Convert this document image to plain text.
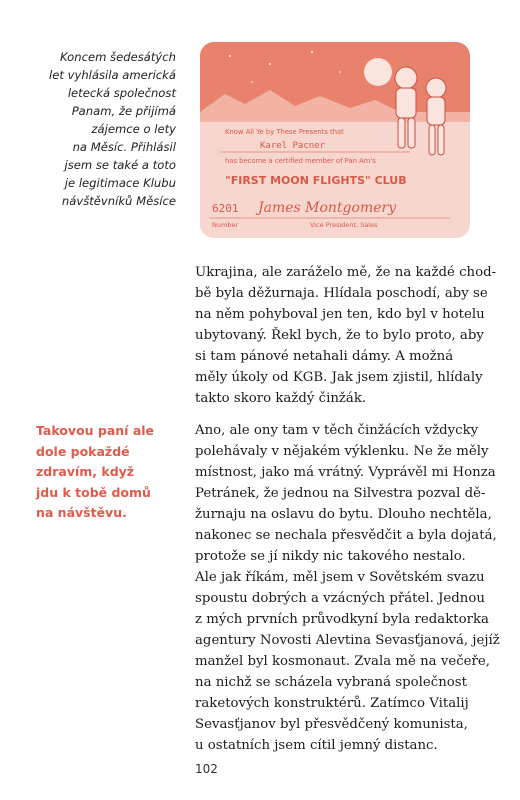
Koncem šedesátých
let vyhlásila americká
letecká společnost
Panam, že přijímá
zájemce o lety
na Měsíc. Přihlásil
jsem se také a toto
je legitimace Klubu
návštěvníků Měsíce
Know All Ye by These Presents that
Karel Pacner
has become a certified member of Pan Am's
"FIRST MOON FLIGHTS" CLUB
6201 James Montgomery
Number	Vice President, Sales
Ukrajina, ale zaráželo mě, že na každé chod-
bě byla děžurnaja. Hlídala poschodí, aby se
na něm pohyboval jen ten, kdo byl v hotelu
ubytovaný. Řekl bych, že to bylo proto, aby
si tam pánové netahali dámy. A možná
měly úkoly od KGB. Jak jsem zjistil, hlídaly
takto skoro každý činžák.
Takovou paní ale
dole pokaždé
zdravím, když
jdu k tobě domů
na návštěvu.
Ano, ale ony tam v těch činžácích vždycky
polehávaly v nějakém výklenku. Ne že měly
místnost, jako má vrátný. Vyprávěl mi Honza
Petránek, že jednou na Silvestra pozval dě-
žurnaju na oslavu do bytu. Dlouho nechtěla,
nakonec se nechala přesvědčit a byla dojatá,
protože se jí nikdy nic takového nestalo.
Ale jak říkám, měl jsem v Sovětském svazu
spoustu dobrých a vzácných přátel. Jednou
z mých prvních průvodkyní byla redaktorka
agentury Novosti Alevtina Sevasťjanová, jejíž
manžel byl kosmonaut. Zvala mě na večeře,
na nichž se scházela vybraná společnost
raketových konstruktérů. Zatímco Vitalij
Sevasťjanov byl přesvědčený komunista,
u ostatních jsem cítil jemný distanc.
102
